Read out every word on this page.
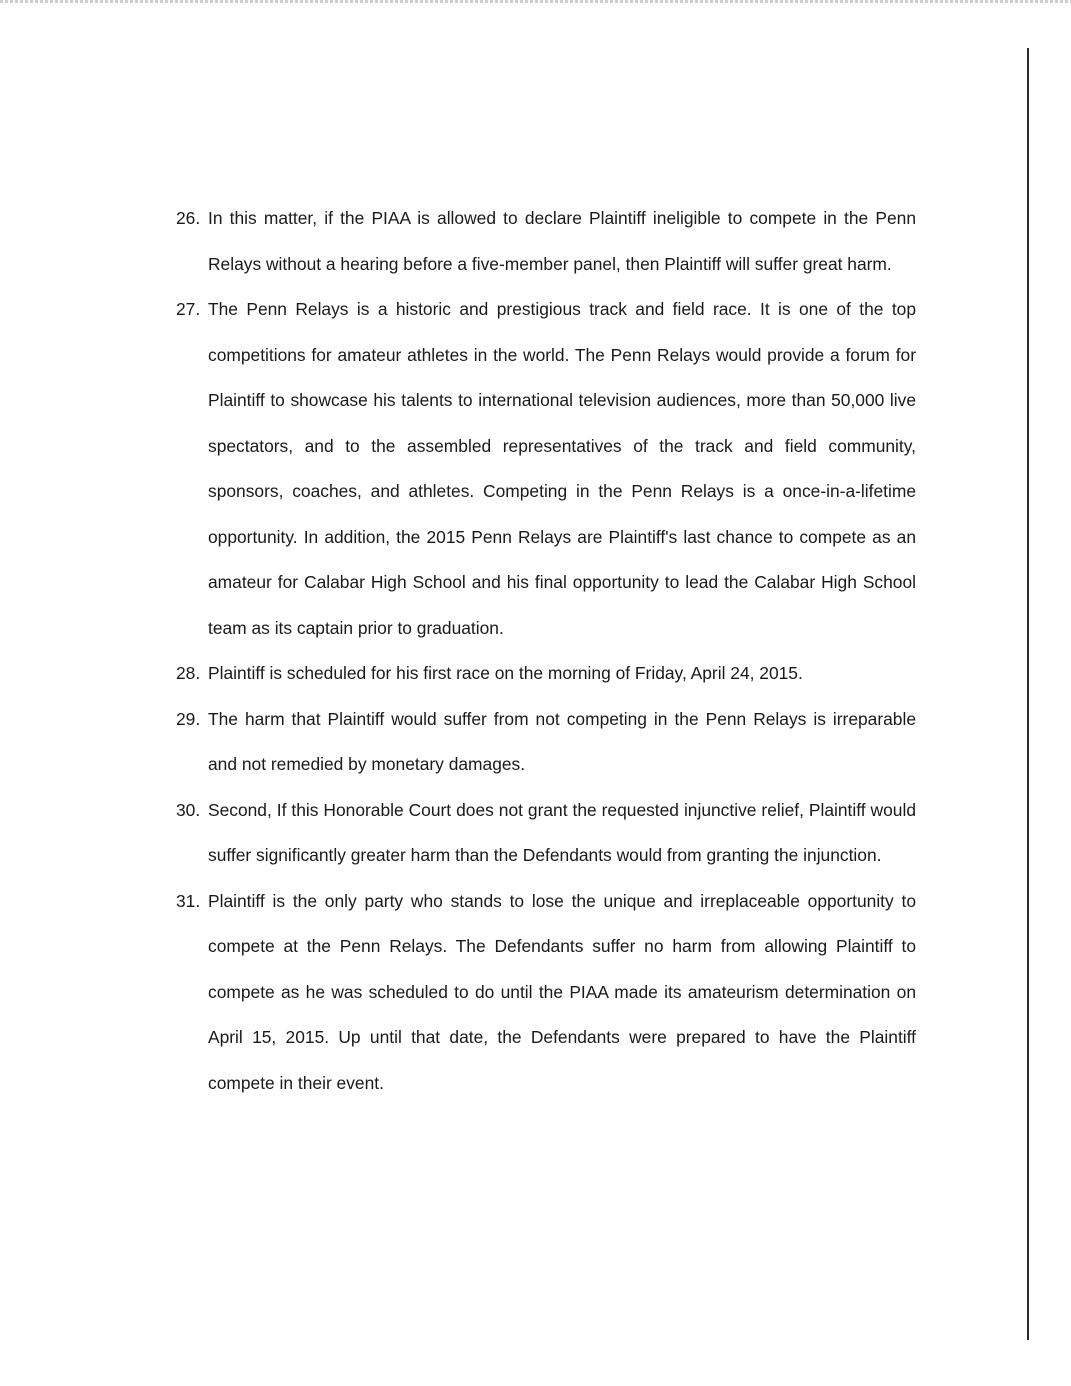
26. In this matter, if the PIAA is allowed to declare Plaintiff ineligible to compete in the Penn Relays without a hearing before a five-member panel, then Plaintiff will suffer great harm.

27. The Penn Relays is a historic and prestigious track and field race. It is one of the top competitions for amateur athletes in the world. The Penn Relays would provide a forum for Plaintiff to showcase his talents to international television audiences, more than 50,000 live spectators, and to the assembled representatives of the track and field community, sponsors, coaches, and athletes. Competing in the Penn Relays is a once-in-a-lifetime opportunity. In addition, the 2015 Penn Relays are Plaintiff's last chance to compete as an amateur for Calabar High School and his final opportunity to lead the Calabar High School team as its captain prior to graduation.

28. Plaintiff is scheduled for his first race on the morning of Friday, April 24, 2015.

29. The harm that Plaintiff would suffer from not competing in the Penn Relays is irreparable and not remedied by monetary damages.

30. Second, If this Honorable Court does not grant the requested injunctive relief, Plaintiff would suffer significantly greater harm than the Defendants would from granting the injunction.

31. Plaintiff is the only party who stands to lose the unique and irreplaceable opportunity to compete at the Penn Relays. The Defendants suffer no harm from allowing Plaintiff to compete as he was scheduled to do until the PIAA made its amateurism determination on April 15, 2015. Up until that date, the Defendants were prepared to have the Plaintiff compete in their event.
